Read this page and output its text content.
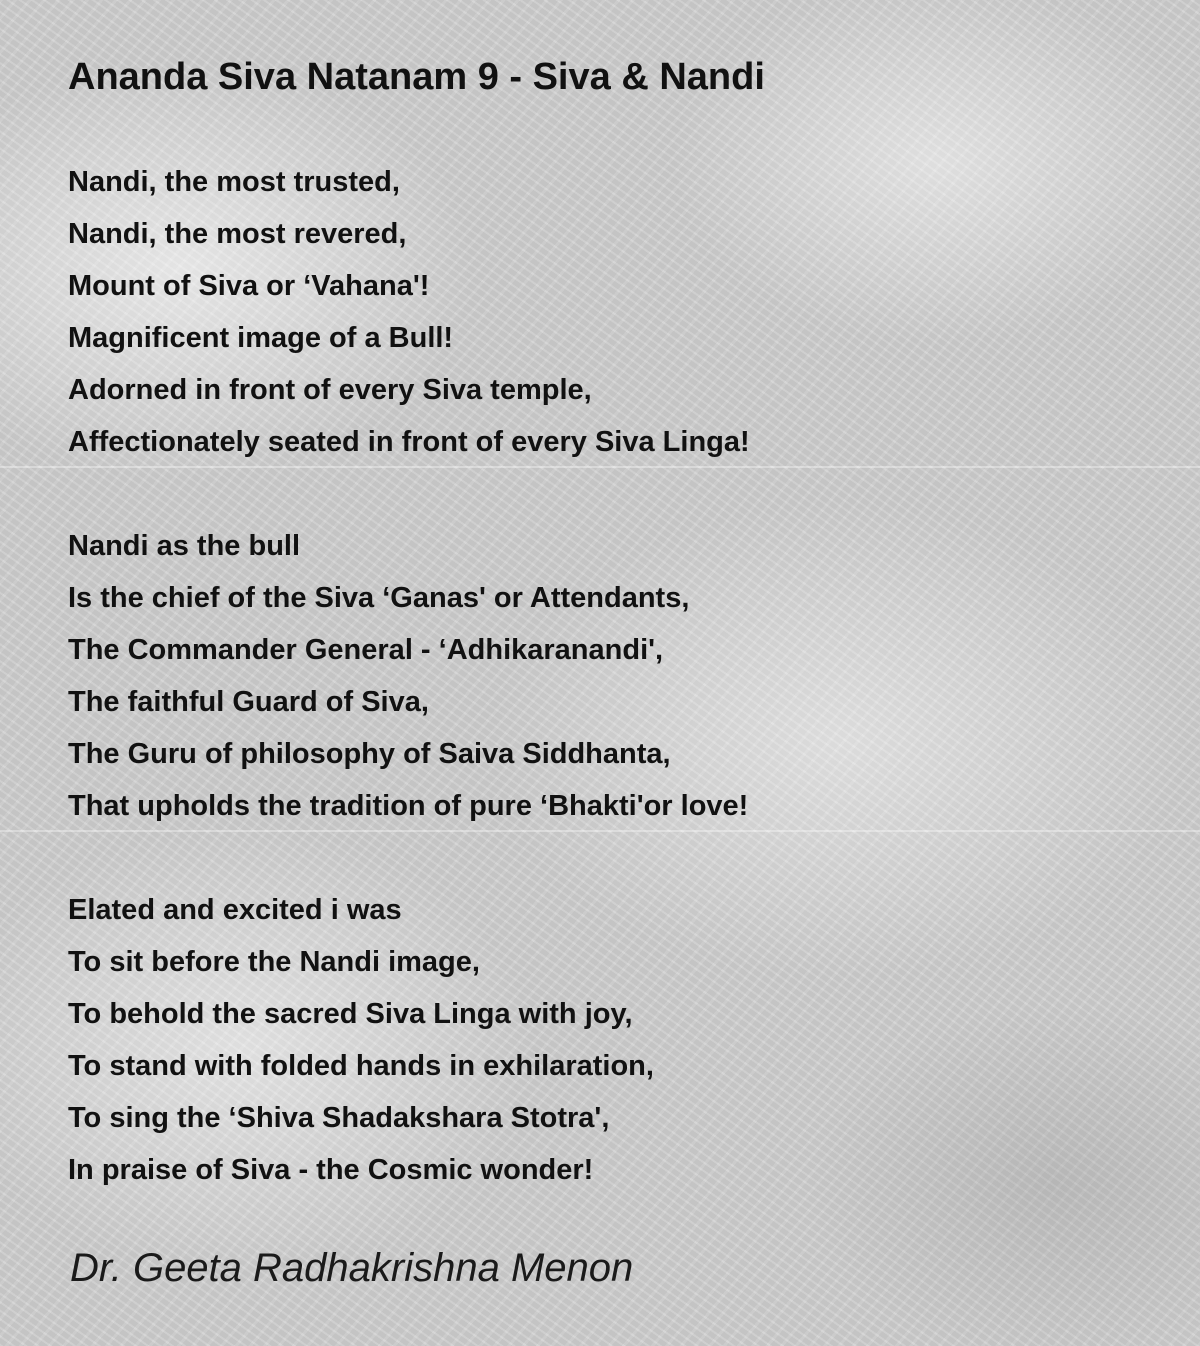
Ananda Siva Natanam 9 - Siva & Nandi
Nandi, the most trusted,
Nandi, the most revered,
Mount of Siva or ‘Vahana'!
Magnificent image of a Bull!
Adorned in front of every Siva temple,
Affectionately seated in front of every Siva Linga!
Nandi as the bull
Is the chief of the Siva ‘Ganas' or Attendants,
The Commander General - ‘Adhikaranandi',
The faithful Guard of Siva,
The Guru of philosophy of Saiva Siddhanta,
That upholds the tradition of pure ‘Bhakti'or love!
Elated and excited i was
To sit before the Nandi image,
To behold the sacred Siva Linga with joy,
To stand with folded hands in exhilaration,
To sing the ‘Shiva Shadakshara Stotra',
In praise of Siva - the Cosmic wonder!
Dr. Geeta Radhakrishna Menon
